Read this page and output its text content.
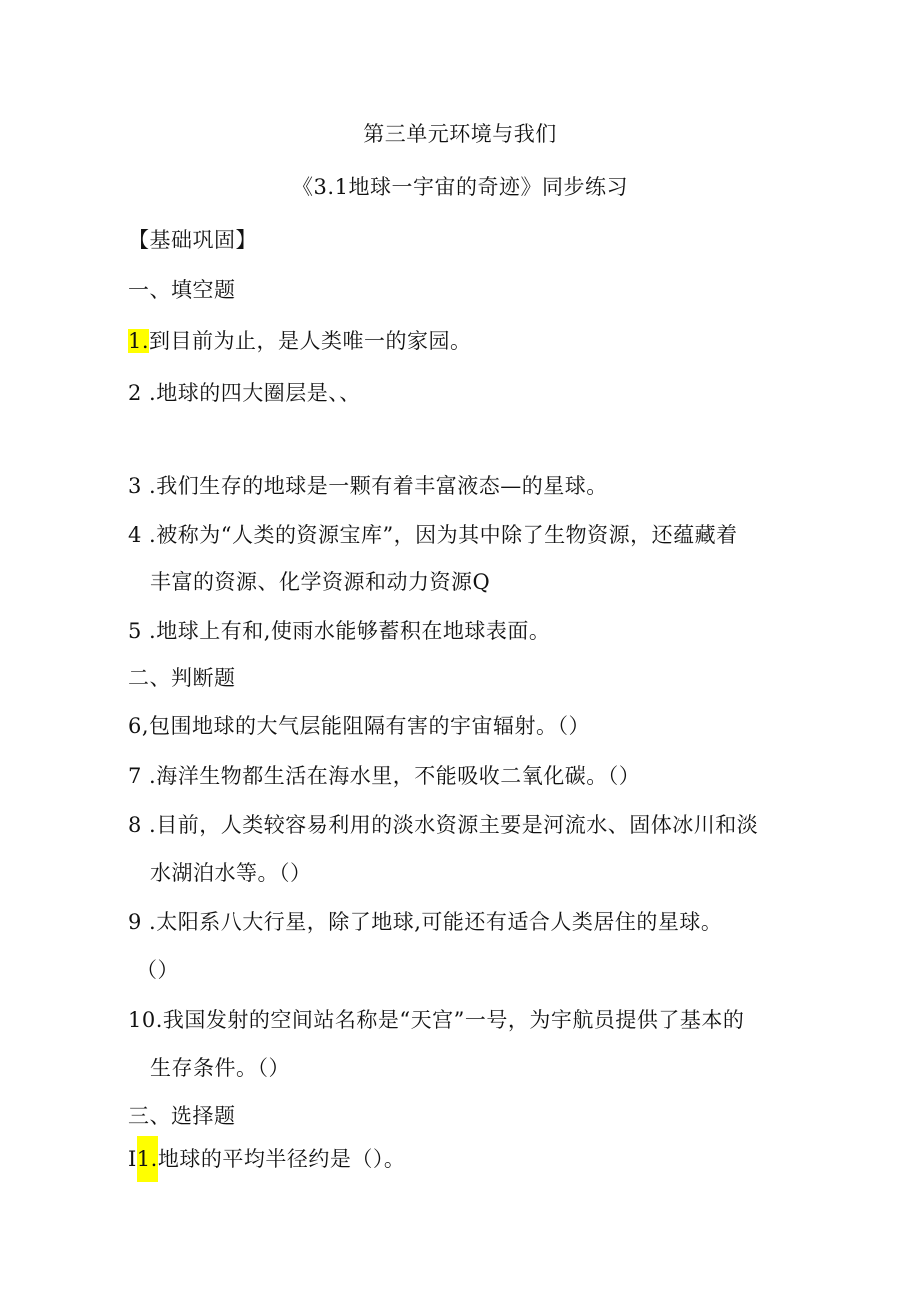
第三单元环境与我们
《3.1地球一宇宙的奇迹》同步练习
【基础巩固】
一、填空题
1.到目前为止，是人类唯一的家园。
2 .地球的四大圈层是、、
3 .我们生存的地球是一颗有着丰富液态—的星球。
4 .被称为“人类的资源宝库”，因为其中除了生物资源，还蕴藏着
丰富的资源、化学资源和动力资源Q
5 .地球上有和,使雨水能够蓄积在地球表面。
二、判断题
6,包围地球的大气层能阻隔有害的宇宙辐射。（）
7 .海洋生物都生活在海水里，不能吸收二氧化碳。（）
8 .目前，人类较容易利用的淡水资源主要是河流水、固体冰川和淡
水湖泊水等。（）
9 .太阳系八大行星，除了地球,可能还有适合人类居住的星球。
（）
10.我国发射的空间站名称是“天宫”一号，为宇航员提供了基本的
生存条件。（）
三、选择题
I1.地球的平均半径约是（）。
